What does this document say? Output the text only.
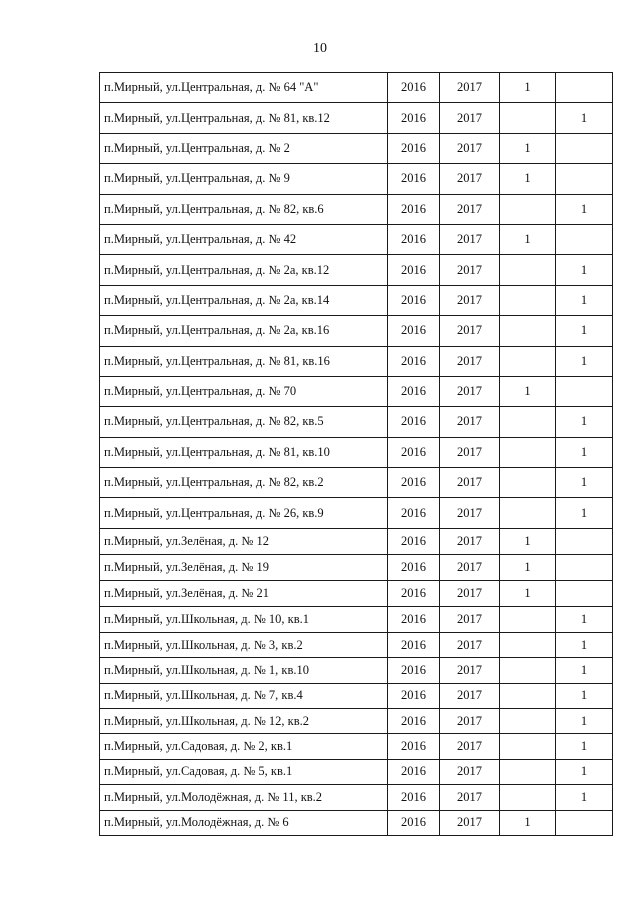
10
п.Мирный, ул.Центральная, д. № 64 "А"	2016	2017	1	
п.Мирный, ул.Центральная, д. № 81, кв.12	2016	2017		1
п.Мирный, ул.Центральная, д. № 2	2016	2017	1	
п.Мирный, ул.Центральная, д. № 9	2016	2017	1	
п.Мирный, ул.Центральная, д. № 82, кв.6	2016	2017		1
п.Мирный, ул.Центральная, д. № 42	2016	2017	1	
п.Мирный, ул.Центральная, д. № 2а, кв.12	2016	2017		1
п.Мирный, ул.Центральная, д. № 2а, кв.14	2016	2017		1
п.Мирный, ул.Центральная, д. № 2а, кв.16	2016	2017		1
п.Мирный, ул.Центральная, д. № 81, кв.16	2016	2017		1
п.Мирный, ул.Центральная, д. № 70	2016	2017	1	
п.Мирный, ул.Центральная, д. № 82, кв.5	2016	2017		1
п.Мирный, ул.Центральная, д. № 81, кв.10	2016	2017		1
п.Мирный, ул.Центральная, д. № 82, кв.2	2016	2017		1
п.Мирный, ул.Центральная, д. № 26, кв.9	2016	2017		1
п.Мирный, ул.Зелёная, д. № 12	2016	2017	1	
п.Мирный, ул.Зелёная, д. № 19	2016	2017	1	
п.Мирный, ул.Зелёная, д. № 21	2016	2017	1	
п.Мирный, ул.Школьная, д. № 10, кв.1	2016	2017		1
п.Мирный, ул.Школьная, д. № 3, кв.2	2016	2017		1
п.Мирный, ул.Школьная, д. № 1, кв.10	2016	2017		1
п.Мирный, ул.Школьная, д. № 7, кв.4	2016	2017		1
п.Мирный, ул.Школьная, д. № 12, кв.2	2016	2017		1
п.Мирный, ул.Садовая, д. № 2, кв.1	2016	2017		1
п.Мирный, ул.Садовая, д. № 5, кв.1	2016	2017		1
п.Мирный, ул.Молодёжная, д. № 11, кв.2	2016	2017		1
п.Мирный, ул.Молодёжная, д. № 6	2016	2017	1	
